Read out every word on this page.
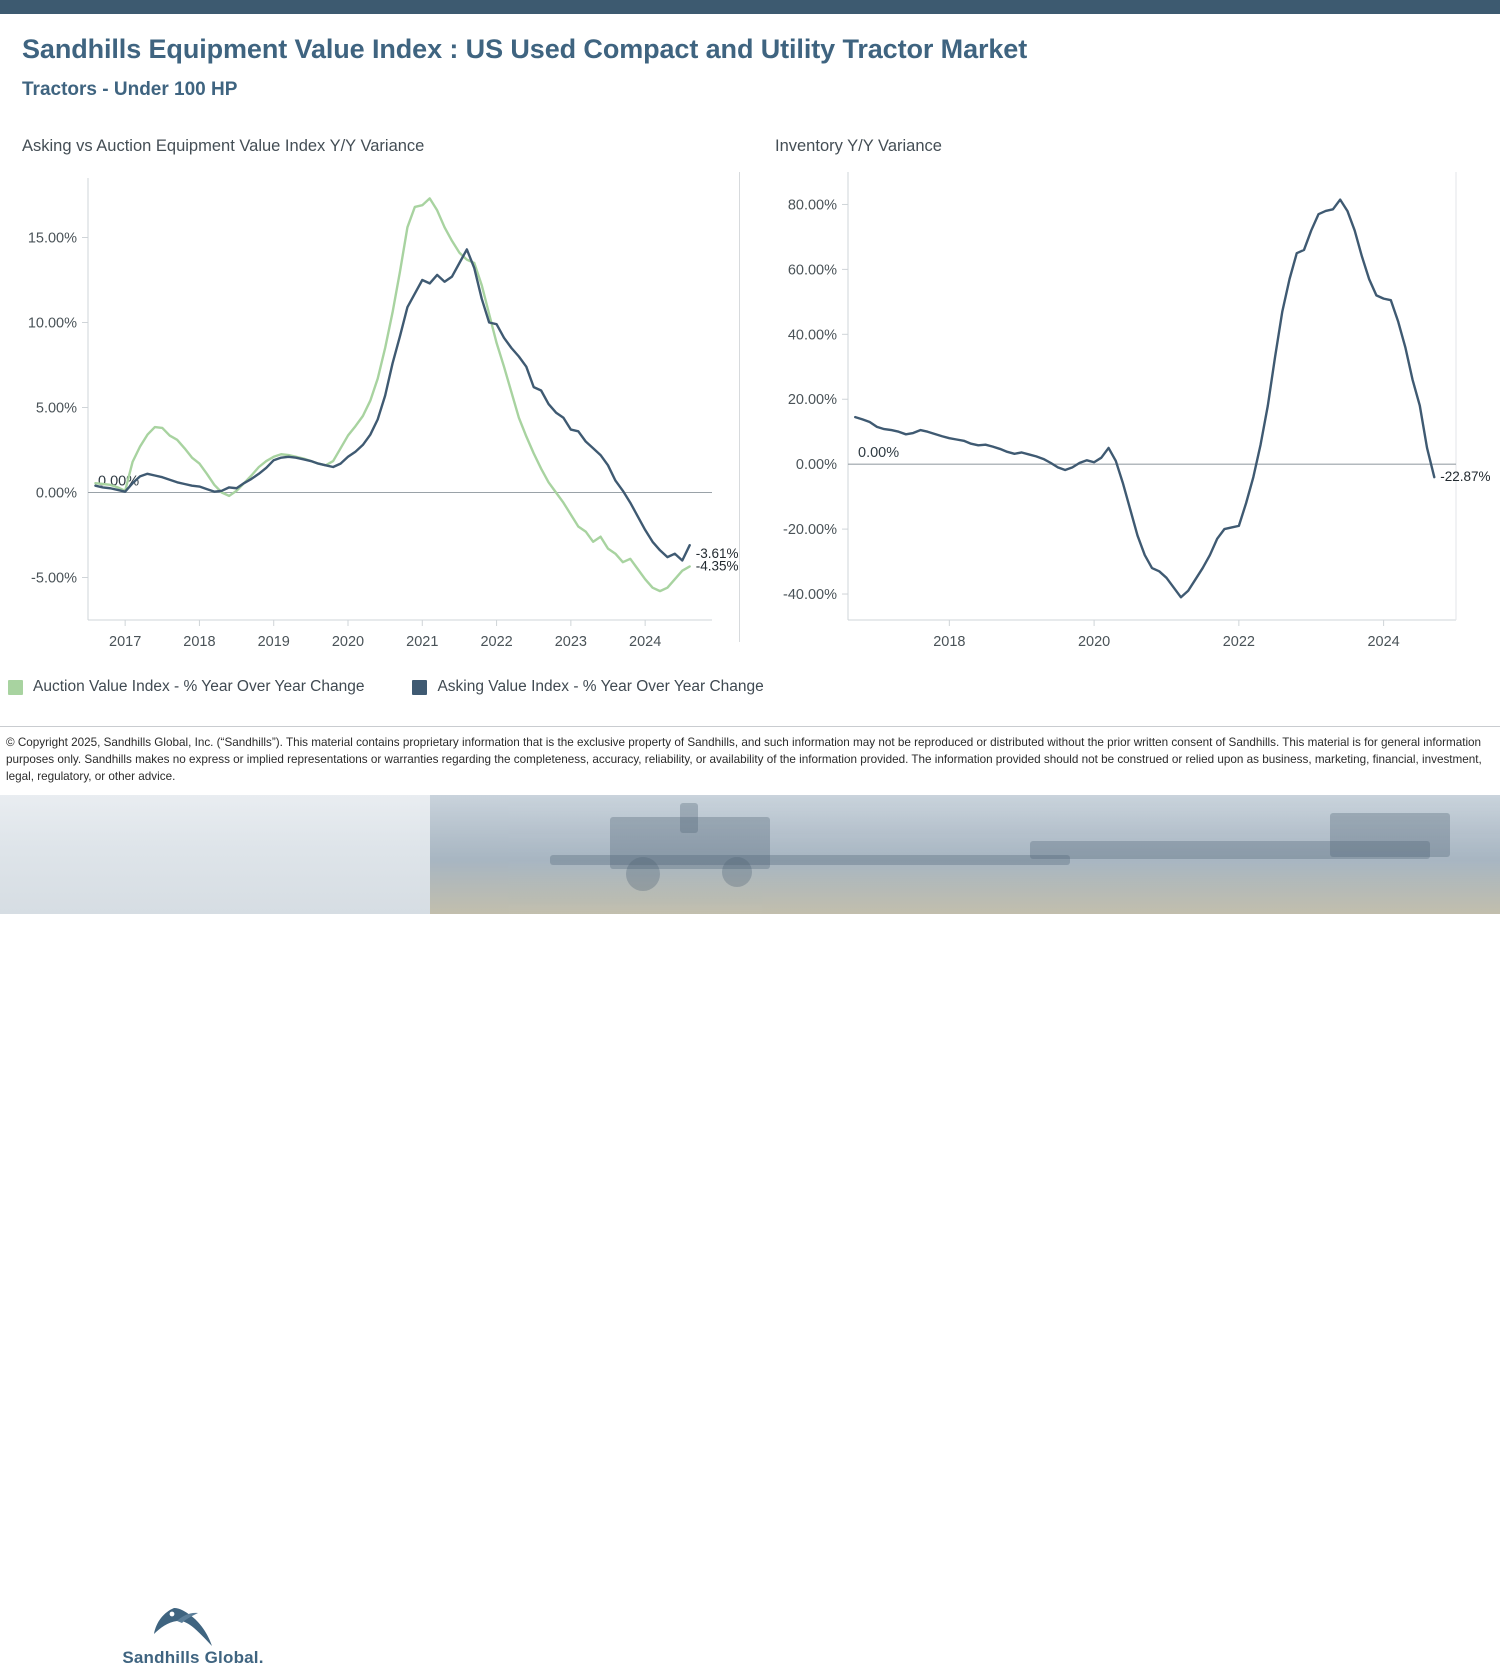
Sandhills Equipment Value Index : US Used Compact and Utility Tractor Market
Tractors - Under 100 HP
Asking vs Auction Equipment Value Index Y/Y Variance	Inventory Y/Y Variance
15.00%
10.00%
5.00%
0.00%
-5.00%
0.00%
2017	2018	2019	2020	2021	2022	2023	2024
-3.61%
-4.35%
80.00%
60.00%
40.00%
20.00%
0.00%
-20.00%
-40.00%
0.00%
2018	2020	2022	2024
-22.87%
Auction Value Index - % Year Over Year Change	Asking Value Index - % Year Over Year Change
© Copyright 2025, Sandhills Global, Inc. (“Sandhills”). This material contains proprietary information that is the exclusive property of Sandhills, and such information may not be reproduced or distributed without the prior written consent of Sandhills. This material is for general information purposes only. Sandhills makes no express or implied representations or warranties regarding the completeness, accuracy, reliability, or availability of the information provided. The information provided should not be construed or relied upon as business, marketing, financial, investment, legal, regulatory, or other advice.
Sandhills Global.
